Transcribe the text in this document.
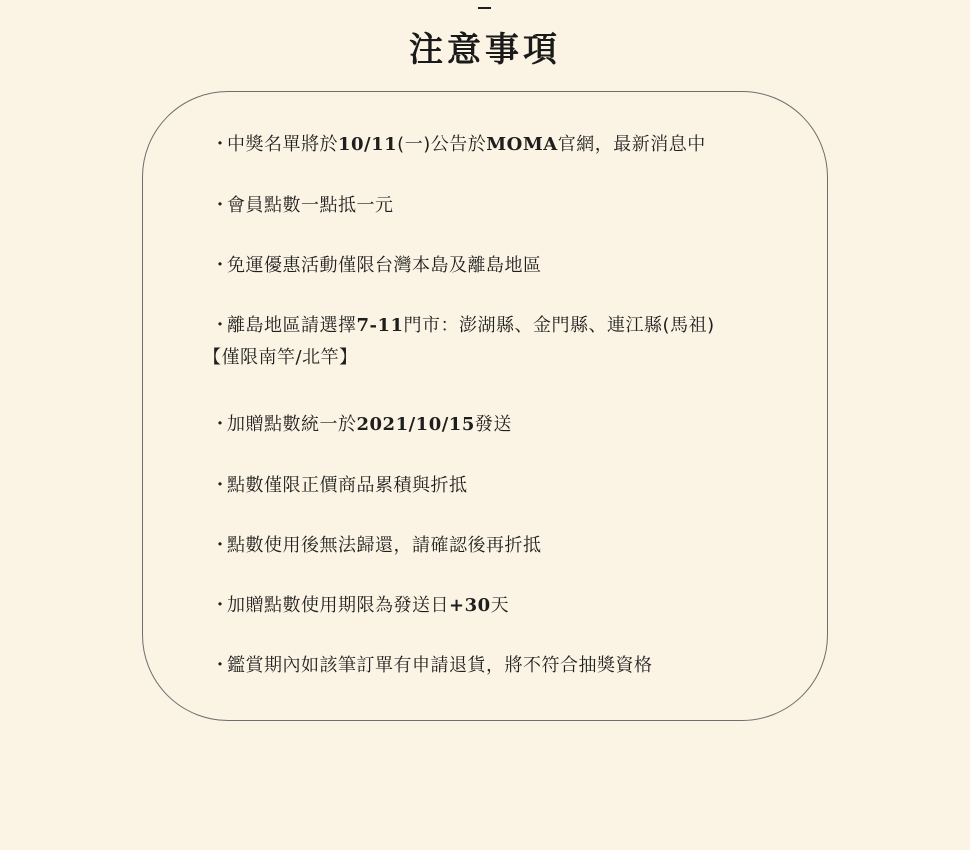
注意事項
・中獎名單將於10/11(一)公告於MOMA官網，最新消息中
・會員點數一點抵一元
・免運優惠活動僅限台灣本島及離島地區
・離島地區請選擇7-11門市：澎湖縣、金門縣、連江縣(馬祖)
【僅限南竿/北竿】
・加贈點數統一於2021/10/15發送
・點數僅限正價商品累積與折抵
・點數使用後無法歸還，請確認後再折抵
・加贈點數使用期限為發送日+30天
・鑑賞期內如該筆訂單有申請退貨，將不符合抽獎資格
